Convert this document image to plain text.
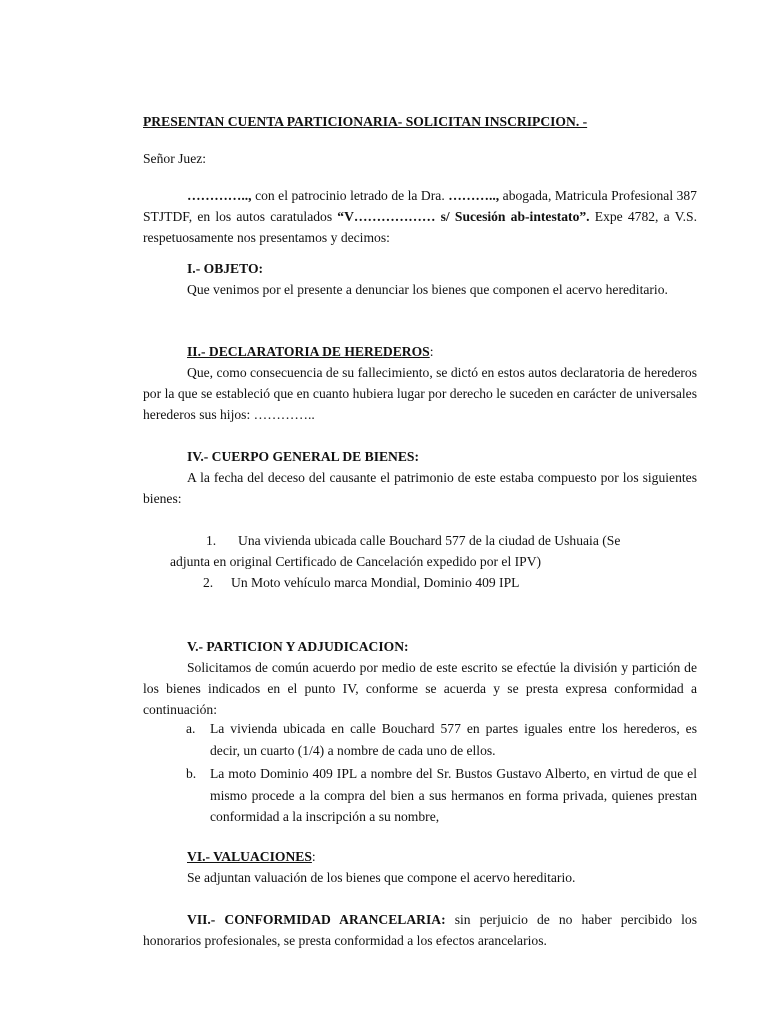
PRESENTAN CUENTA PARTICIONARIA- SOLICITAN INSCRIPCION. -

Señor Juez:

………….., con el patrocinio letrado de la Dra. ……….., abogada, Matricula Profesional 387 STJTDF, en los autos caratulados “V……………… s/ Sucesión ab-intestato”. Expe 4782, a V.S. respetuosamente nos presentamos y decimos:

I.- OBJETO:

Que venimos por el presente a denunciar los bienes que componen el acervo hereditario.

II.- DECLARATORIA DE HEREDEROS:

Que, como consecuencia de su fallecimiento, se dictó en estos autos declaratoria de herederos por la que se estableció que en cuanto hubiera lugar por derecho le suceden en carácter de universales herederos sus hijos: …………..

IV.- CUERPO GENERAL DE BIENES:

A la fecha del deceso del causante el patrimonio de este estaba compuesto por los siguientes bienes:

1. Una vivienda ubicada calle Bouchard 577 de la ciudad de Ushuaia (Se
adjunta en original Certificado de Cancelación expedido por el IPV)
2. Un Moto vehículo marca Mondial, Dominio 409 IPL

V.- PARTICION Y ADJUDICACION:

Solicitamos de común acuerdo por medio de este escrito se efectúe la división y partición de los bienes indicados en el punto IV, conforme se acuerda y se presta expresa conformidad a continuación:

a.	La vivienda ubicada en calle Bouchard 577 en partes iguales entre los herederos, es decir, un cuarto (1/4) a nombre de cada uno de ellos.
b.	La moto Dominio 409 IPL a nombre del Sr. Bustos Gustavo Alberto, en virtud de que el mismo procede a la compra del bien a sus hermanos en forma privada, quienes prestan conformidad a la inscripción a su nombre,

VI.- VALUACIONES:

Se adjuntan valuación de los bienes que compone el acervo hereditario.

VII.- CONFORMIDAD ARANCELARIA: sin perjuicio de no haber percibido los honorarios profesionales, se presta conformidad a los efectos arancelarios.
